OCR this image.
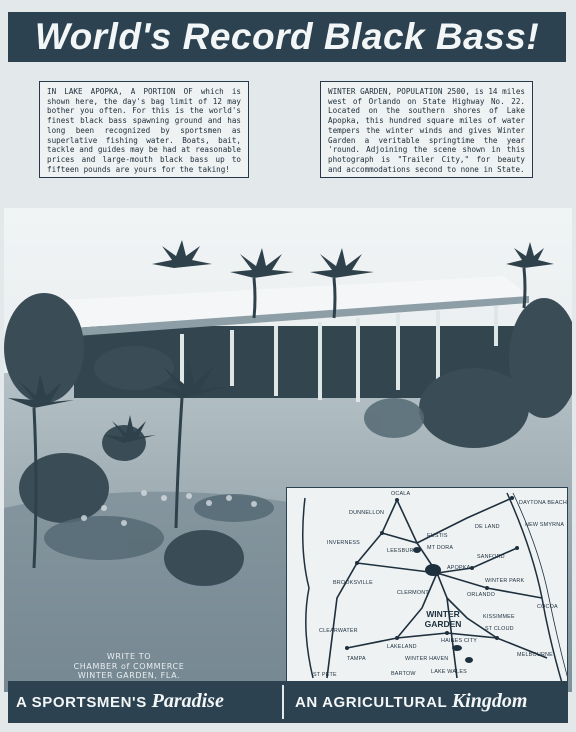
World's Record Black Bass!
IN LAKE APOPKA, A PORTION OF which is shown here, the day's bag limit of 12 may bother you often. For this is the world's finest black bass spawning ground and has long been recognized by sportsmen as superlative fishing water. Boats, bait, tackle and guides may be had at reasonable prices and large-mouth black bass up to fifteen pounds are yours for the taking!
WINTER GARDEN, POPULATION 2500, is 14 miles west of Orlando on State Highway No. 22. Located on the southern shores of Lake Apopka, this hundred square miles of water tempers the winter winds and gives Winter Garden a veritable springtime the year 'round. Adjoining the scene shown in this photograph is "Trailer City," for beauty and accommodations second to none in State.
WRITE TO
CHAMBER of COMMERCE
WINTER GARDEN, FLA.
OCALA
DUNNELLON
DAYTONA BEACH
NEW SMYRNA
INVERNESS
LEESBURG
EUSTIS
MT DORA
DE LAND
SANFORD
APOPKA
BROOKSVILLE	WINTER PARK
ORLANDO
CLERMONT
COCOA
KISSIMMEE
ST CLOUD
LAKELAND
HAINES CITY
CLEARWATER
TAMPA	WINTER HAVEN
BARTOW	LAKE WALES
MELBOURNE
ST PETE
WINTER
GARDEN
A SPORTSMEN'S Paradise	AN AGRICULTURAL Kingdom
